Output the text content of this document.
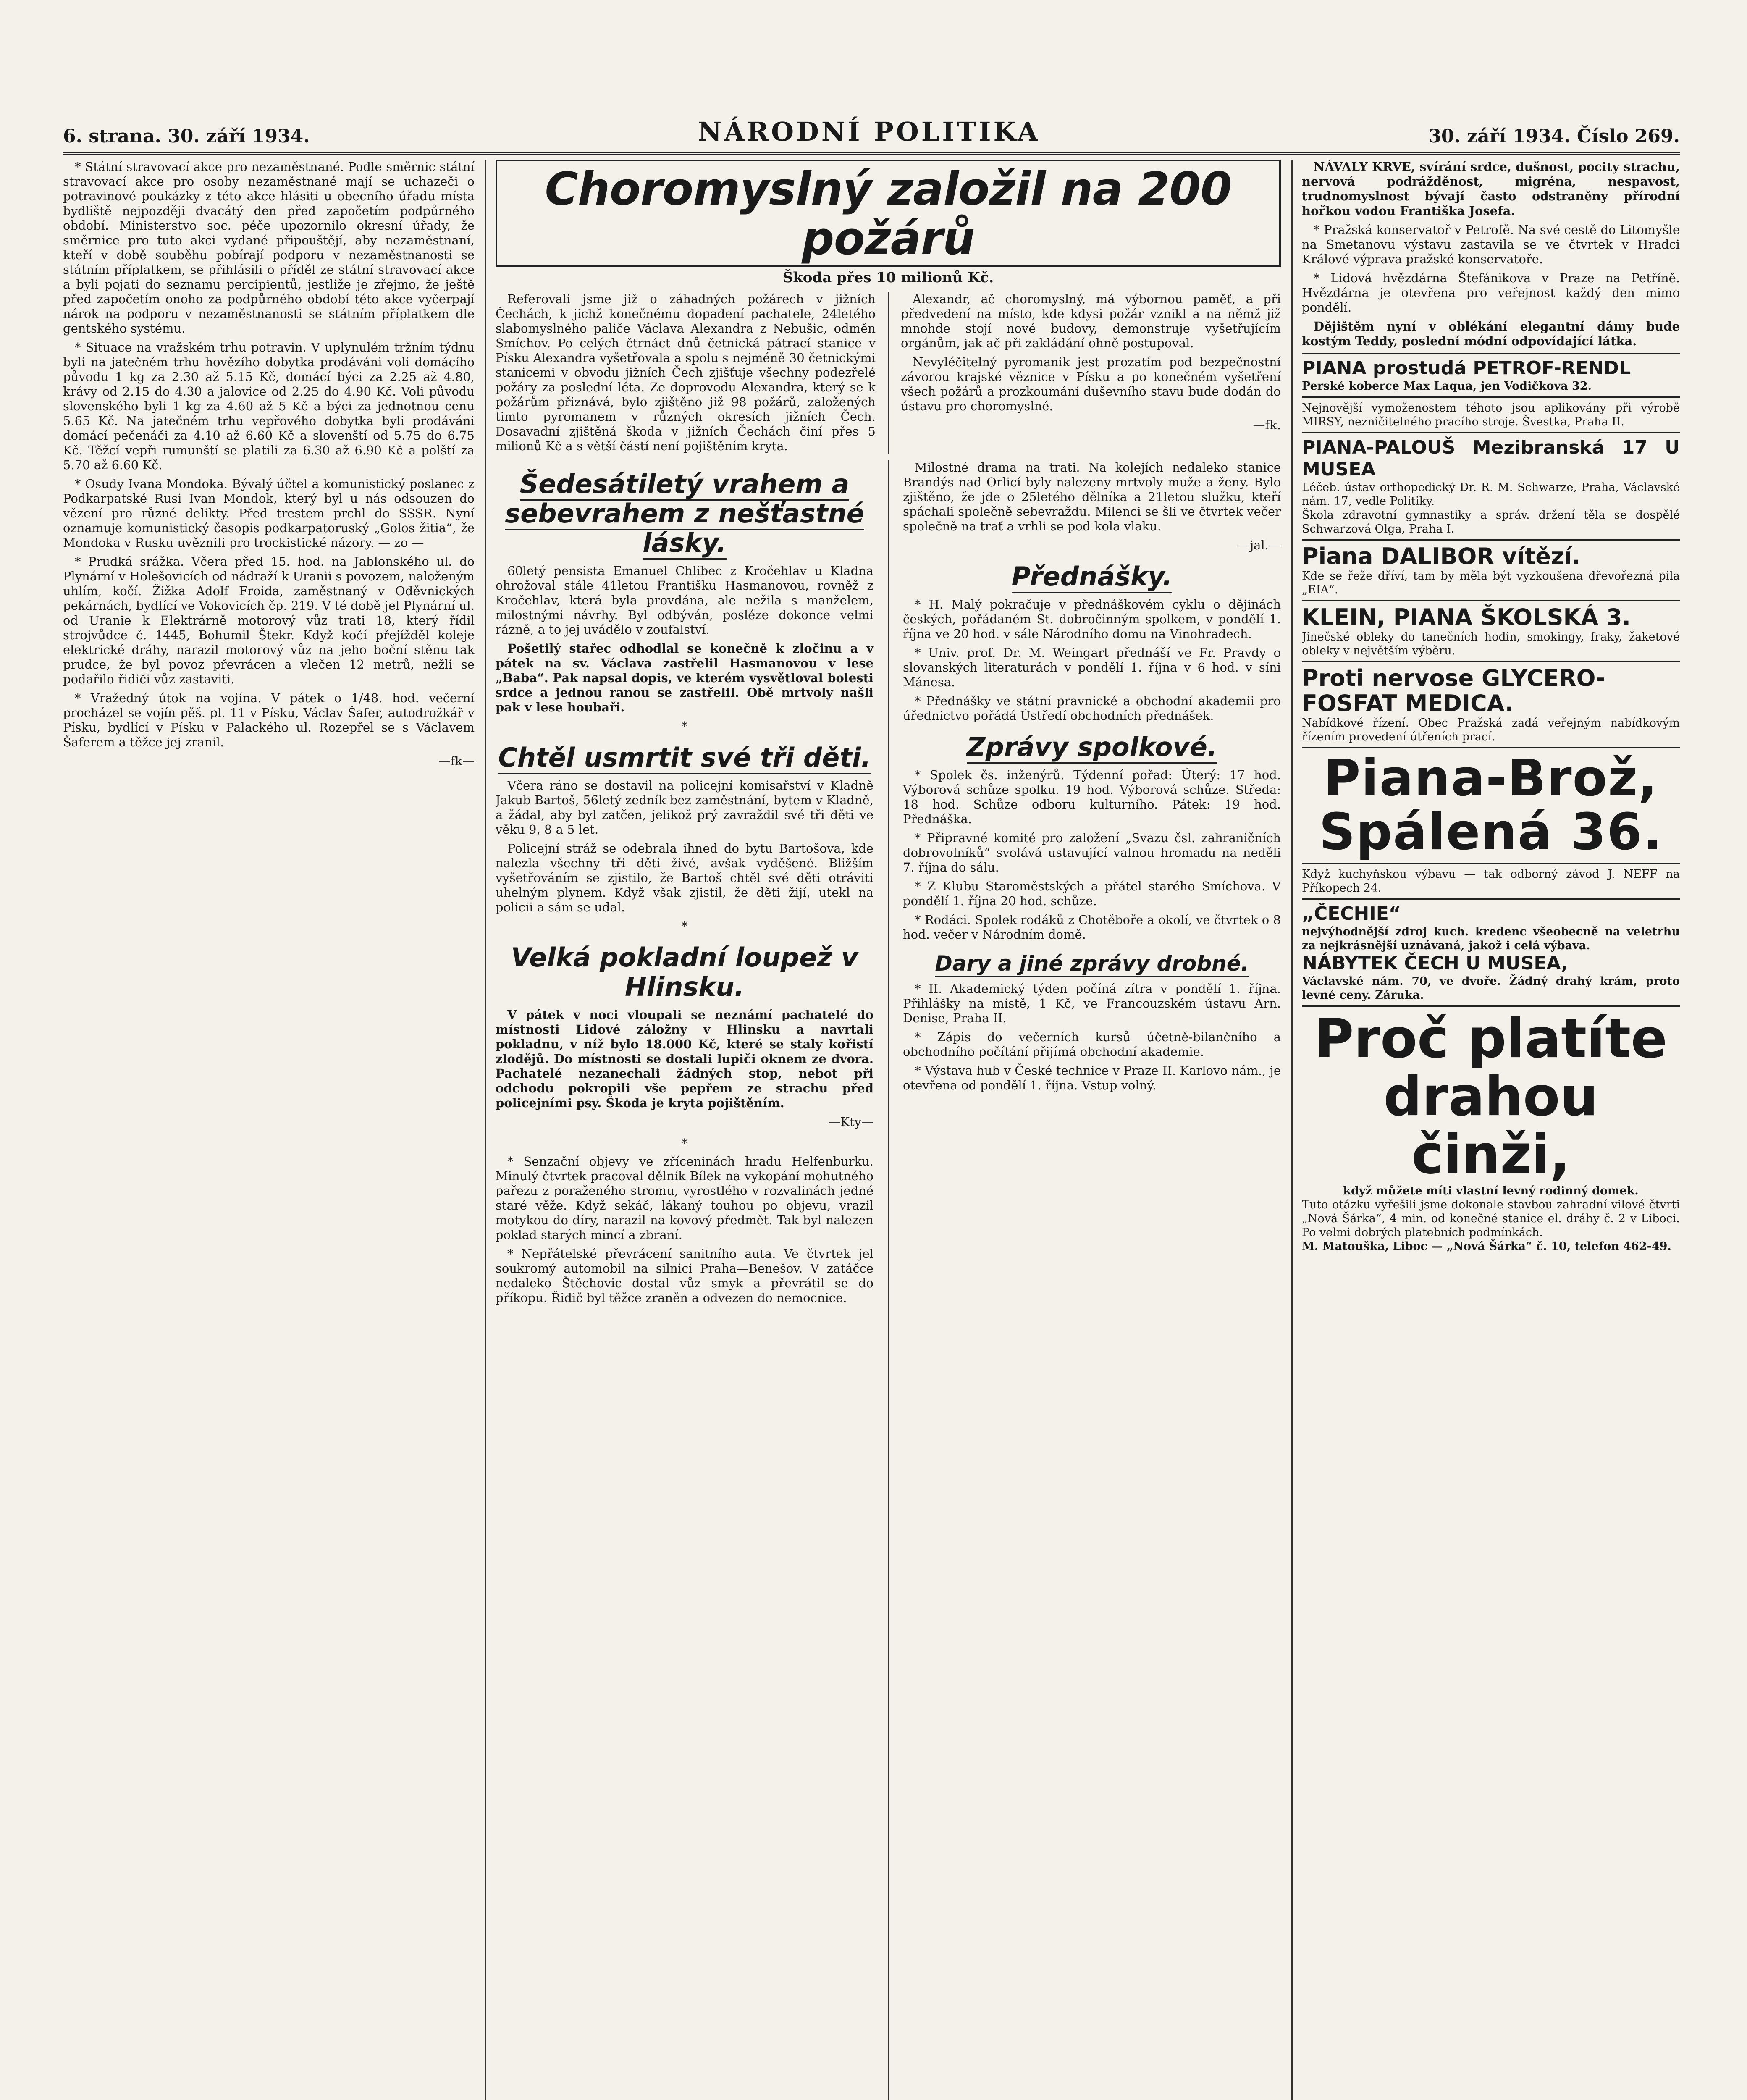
6. strana. 30. září 1934.	NÁRODNÍ POLITIKA	30. září 1934. Číslo 269.

* Státní stravovací akce pro nezaměstnané. Podle směrnic státní stravovací akce pro osoby nezaměstnané mají se uchazeči o potravinové poukázky z této akce hlásiti u obecního úřadu místa bydliště nejpozději dvacátý den před započetím podpůrného období. Ministerstvo soc. péče upozornilo okresní úřady, že směrnice pro tuto akci vydané připouštějí, aby nezaměstnaní, kteří v době souběhu pobírají podporu v nezaměstnanosti se státním příplatkem, se přihlásili o příděl ze státní stravovací akce a byli pojati do seznamu percipientů, jestliže je zřejmo, že ještě před započetím onoho za podpůrného období této akce vyčerpají nárok na podporu v nezaměstnanosti se státním příplatkem dle gentského systému.

* Situace na vražském trhu potravin. V uplynulém tržním týdnu byli na jatečném trhu hovězího dobytka prodáváni voli domácího původu 1 kg za 2.30 až 5.15 Kč, domácí býci za 2.25 až 4.80, krávy od 2.15 do 4.30 a jalovice od 2.25 do 4.90 Kč. Voli původu slovenského byli 1 kg za 4.60 až 5 Kč a býci za jednotnou cenu 5.65 Kč. Na jatečném trhu vepřového dobytka byli prodáváni domácí pečenáči za 4.10 až 6.60 Kč a slovenští od 5.75 do 6.75 Kč. Těžcí vepři rumunští se platili za 6.30 až 6.90 Kč a polští za 5.70 až 6.60 Kč.

* Osudy Ivana Mondoka. Bývalý účtel a komunistický poslanec z Podkarpatské Rusi Ivan Mondok, který byl u nás odsouzen do vězení pro různé delikty. Před trestem prchl do SSSR. Nyní oznamuje komunistický časopis podkarpatoruský „Golos žitia“, že Mondoka v Rusku uvěznili pro trockistické názory. — zo —

* Prudká srážka. Včera před 15. hod. na Jablonského ul. do Plynární v Holešovicích od nádraží k Uranii s povozem, naloženým uhlím, kočí. Žižka Adolf Froida, zaměstnaný v Oděvnických pekárnách, bydlící ve Vokovicích čp. 219. V té době jel Plynární ul. od Uranie k Elektrárně motorový vůz trati 18, který řídil strojvůdce č. 1445, Bohumil Štekr. Když kočí přejížděl koleje elektrické dráhy, narazil motorový vůz na jeho boční stěnu tak prudce, že byl povoz převrácen a vlečen 12 metrů, nežli se podařilo řidiči vůz zastaviti.

* Vražedný útok na vojína. V pátek o 1/48. hod. večerní procházel se vojín pěš. pl. 11 v Písku, Václav Šafer, autodrožkář v Písku, bydlící v Písku v Palackého ul. Rozepřel se s Václavem Šaferem a těžce jej zranil.

—fk—
Choromyslný založil na 200 požárů
Škoda přes 10 milionů Kč.

Referovali jsme již o záhadných požárech v jižních Čechách, k jichž konečnému dopadení pachatele, 24letého slabomyslného paliče Václava Alexandra z Nebušic, odměn Smíchov. Po celých čtrnáct dnů četnická pátrací stanice v Písku Alexandra vyšetřovala a spolu s nejméně 30 četnickými stanicemi v obvodu jižních Čech zjišťuje všechny podezřelé požáry za poslední léta. Ze doprovodu Alexandra, který se k požárům přiznává, bylo zjištěno již 98 požárů, založených timto pyromanem v různých okresích jižních Čech. Dosavadní zjištěná škoda v jižních Čechách činí přes 5 milionů Kč a s větší částí není pojištěním kryta.

Alexandr, ač choromyslný, má výbornou paměť, a při předvedení na místo, kde kdysi požár vznikl a na němž již mnohde stojí nové budovy, demonstruje vyšetřujícím orgánům, jak ač při zakládání ohně postupoval.

Nevyléčitelný pyromanik jest prozatím pod bezpečnostní závorou krajské věznice v Písku a po konečném vyšetření všech požárů a prozkoumání duševního stavu bude dodán do ústavu pro choromyslné.

—fk.
Šedesátiletý vrahem a sebevrahem z nešťastné lásky.

60letý pensista Emanuel Chlibec z Kročehlav u Kladna ohrožoval stále 41letou Františku Hasmanovou, rovněž z Kročehlav, která byla provdána, ale nežila s manželem, milostnými návrhy. Byl odbýván, posléze dokonce velmi rázně, a to jej uvádělo v zoufalství.

Pošetilý stařec odhodlal se konečně k zločinu a v pátek na sv. Václava zastřelil Hasmanovou v lese „Baba“. Pak napsal dopis, ve kterém vysvětloval bolesti srdce a jednou ranou se zastřelil. Obě mrtvoly našli pak v lese houbaři.

*
Chtěl usmrtit své tři děti.

Včera ráno se dostavil na policejní komisařství v Kladně Jakub Bartoš, 56letý zedník bez zaměstnání, bytem v Kladně, a žádal, aby byl zatčen, jelikož prý zavraždil své tři děti ve věku 9, 8 a 5 let.

Policejní stráž se odebrala ihned do bytu Bartošova, kde nalezla všechny tři děti živé, avšak vyděšené. Bližším vyšetřováním se zjistilo, že Bartoš chtěl své děti otráviti uhelným plynem. Když však zjistil, že děti žijí, utekl na policii a sám se udal.

*
Velká pokladní loupež v Hlinsku.

V pátek v noci vloupali se neznámí pachatelé do místnosti Lidové záložny v Hlinsku a navrtali pokladnu, v níž bylo 18.000 Kč, které se staly kořistí zlodějů. Do místnosti se dostali lupiči oknem ze dvora. Pachatelé nezanechali žádných stop, nebot při odchodu pokropili vše pepřem ze strachu před policejními psy. Škoda je kryta pojištěním.

—Kty—
*

* Senzační objevy ve zříceninách hradu Helfenburku. Minulý čtvrtek pracoval dělník Bílek na vykopání mohutného pařezu z poraženého stromu, vyrostlého v rozvalinách jedné staré věže. Když sekáč, lákaný touhou po objevu, vrazil motykou do díry, narazil na kovový předmět. Tak byl nalezen poklad starých mincí a zbraní.

* Nepřátelské převrácení sanitního auta. Ve čtvrtek jel soukromý automobil na silnici Praha—Benešov. V zatáčce nedaleko Štěchovic dostal vůz smyk a převrátil se do příkopu. Řidič byl těžce zraněn a odvezen do nemocnice.

Milostné drama na trati. Na kolejích nedaleko stanice Brandýs nad Orlicí byly nalezeny mrtvoly muže a ženy. Bylo zjištěno, že jde o 25letého dělníka a 21letou služku, kteří spáchali společně sebevraždu. Milenci se šli ve čtvrtek večer společně na trať a vrhli se pod kola vlaku.

—jal.—
Přednášky.

* H. Malý pokračuje v přednáškovém cyklu o dějinách českých, pořádaném St. dobročinným spolkem, v pondělí 1. října ve 20 hod. v sále Národního domu na Vinohradech.

* Univ. prof. Dr. M. Weingart přednáší ve Fr. Pravdy o slovanských literaturách v pondělí 1. října v 6 hod. v síni Mánesa.

* Přednášky ve státní pravnické a obchodní akademii pro úřednictvo pořádá Ústředí obchodních přednášek.

Zprávy spolkové.

* Spolek čs. inženýrů. Týdenní pořad: Úterý: 17 hod. Výborová schůze spolku. 19 hod. Výborová schůze. Středa: 18 hod. Schůze odboru kulturního. Pátek: 19 hod. Přednáška.

* Připravné komité pro založení „Svazu čsl. zahraničních dobrovolníků“ svolává ustavující valnou hromadu na neděli 7. října do sálu.

* Z Klubu Staroměstských a přátel starého Smíchova. V pondělí 1. října 20 hod. schůze.

* Rodáci. Spolek rodáků z Chotěboře a okolí, ve čtvrtek o 8 hod. večer v Národním domě.

Dary a jiné zprávy drobné.

* II. Akademický týden počíná zítra v pondělí 1. října. Přihlášky na místě, 1 Kč, ve Francouzském ústavu Arn. Denise, Praha II.

* Zápis do večerních kursů účetně-bilančního a obchodního počítání přijímá obchodní akademie.

* Výstava hub v České technice v Praze II. Karlovo nám., je otevřena od pondělí 1. října. Vstup volný.

NÁVALY KRVE, svírání srdce, dušnost, pocity strachu, nervová podrážděnost, migréna, nespavost, trudnomyslnost bývají často odstraněny přírodní hořkou vodou Františka Josefa.

* Pražská konservatoř v Petrofě. Na své cestě do Litomyšle na Smetanovu výstavu zastavila se ve čtvrtek v Hradci Králové výprava pražské konservatoře.

* Lidová hvězdárna Štefánikova v Praze na Petříně. Hvězdárna je otevřena pro veřejnost každý den mimo pondělí.

Dějištěm nyní v oblékání elegantní dámy bude kostým Teddy, poslední módní odpovídající látka.

PIANA prostudá PETROF-RENDL
Perské koberce Max Laqua, jen Vodičkova 32.
Nejnovější vymoženostem téhoto jsou aplikovány při výrobě MIRSY, nezničitelného pracího stroje. Švestka, Praha II.
PIANA-PALOUŠ Mezibranská 17 U MUSEA
Léčeb. ústav orthopedický Dr. R. M. Schwarze, Praha, Václavské nám. 17, vedle Politiky.
Škola zdravotní gymnastiky a správ. držení těla se dospělé Schwarzová Olga, Praha I.
Piana DALIBOR vítězí.
Kde se řeže dříví, tam by měla být vyzkoušena dřevořezná pila „EIA“.
KLEIN, PIANA ŠKOLSKÁ 3.
Jinečské obleky do tanečních hodin, smokingy, fraky, žaketové obleky v největším výběru.
Proti nervose GLYCERO-
FOSFAT MEDICA.
Nabídkové řízení. Obec Pražská zadá veřejným nabídkovým řízením provedení útřeních prací.
Piana-Brož,
Spálená 36.
Když kuchyňskou výbavu — tak odborný závod J. NEFF na Příkopech 24.
„ČECHIE“
nejvýhodnější zdroj kuch. kredenc všeobecně na veletrhu za nejkrásnější uznávaná, jakož i celá výbava.
NÁBYTEK ČECH U MUSEA,
Václavské nám. 70, ve dvoře. Žádný drahý krám, proto levné ceny. Záruka.
Proč platíte
drahou činži,
když můžete míti vlastní levný rodinný domek.
Tuto otázku vyřešili jsme dokonale stavbou zahradní vilové čtvrti „Nová Šárka“, 4 min. od konečné stanice el. dráhy č. 2 v Liboci. Po velmi dobrých platebních podmínkách.
M. Matouška, Liboc — „Nová Šárka“ č. 10, telefon 462-49.
